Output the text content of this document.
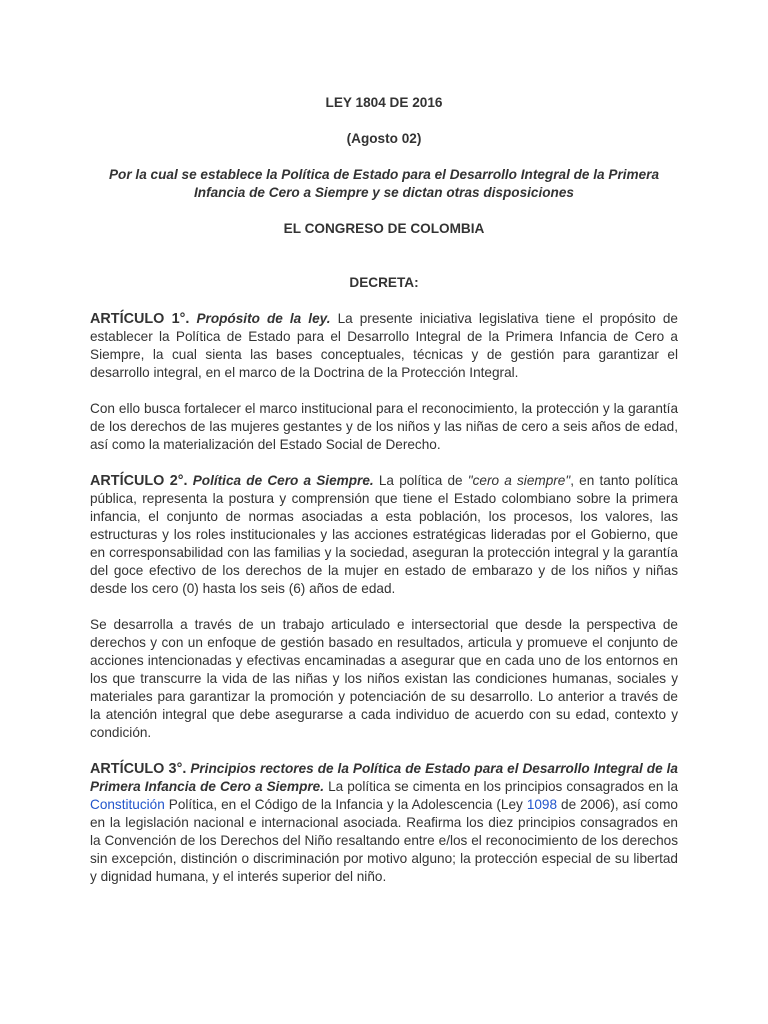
LEY 1804 DE 2016
(Agosto 02)
Por la cual se establece la Política de Estado para el Desarrollo Integral de la Primera Infancia de Cero a Siempre y se dictan otras disposiciones
EL CONGRESO DE COLOMBIA
DECRETA:

ARTÍCULO 1°. Propósito de la ley. La presente iniciativa legislativa tiene el propósito de establecer la Política de Estado para el Desarrollo Integral de la Primera Infancia de Cero a Siempre, la cual sienta las bases conceptuales, técnicas y de gestión para garantizar el desarrollo integral, en el marco de la Doctrina de la Protección Integral.

Con ello busca fortalecer el marco institucional para el reconocimiento, la protección y la garantía de los derechos de las mujeres gestantes y de los niños y las niñas de cero a seis años de edad, así como la materialización del Estado Social de Derecho.

ARTÍCULO 2°. Política de Cero a Siempre. La política de "cero a siempre", en tanto política pública, representa la postura y comprensión que tiene el Estado colombiano sobre la primera infancia, el conjunto de normas asociadas a esta población, los procesos, los valores, las estructuras y los roles institucionales y las acciones estratégicas lideradas por el Gobierno, que en corresponsabilidad con las familias y la sociedad, aseguran la protección integral y la garantía del goce efectivo de los derechos de la mujer en estado de embarazo y de los niños y niñas desde los cero (0) hasta los seis (6) años de edad.

Se desarrolla a través de un trabajo articulado e intersectorial que desde la perspectiva de derechos y con un enfoque de gestión basado en resultados, articula y promueve el conjunto de acciones intencionadas y efectivas encaminadas a asegurar que en cada uno de los entornos en los que transcurre la vida de las niñas y los niños existan las condiciones humanas, sociales y materiales para garantizar la promoción y potenciación de su desarrollo. Lo anterior a través de la atención integral que debe asegurarse a cada individuo de acuerdo con su edad, contexto y condición.

ARTÍCULO 3°. Principios rectores de la Política de Estado para el Desarrollo Integral de la Primera Infancia de Cero a Siempre. La política se cimenta en los principios consagrados en la Constitución Política, en el Código de la Infancia y la Adolescencia (Ley 1098 de 2006), así como en la legislación nacional e internacional asociada. Reafirma los diez principios consagrados en la Convención de los Derechos del Niño resaltando entre e/los el reconocimiento de los derechos sin excepción, distinción o discriminación por motivo alguno; la protección especial de su libertad y dignidad humana, y el interés superior del niño.
